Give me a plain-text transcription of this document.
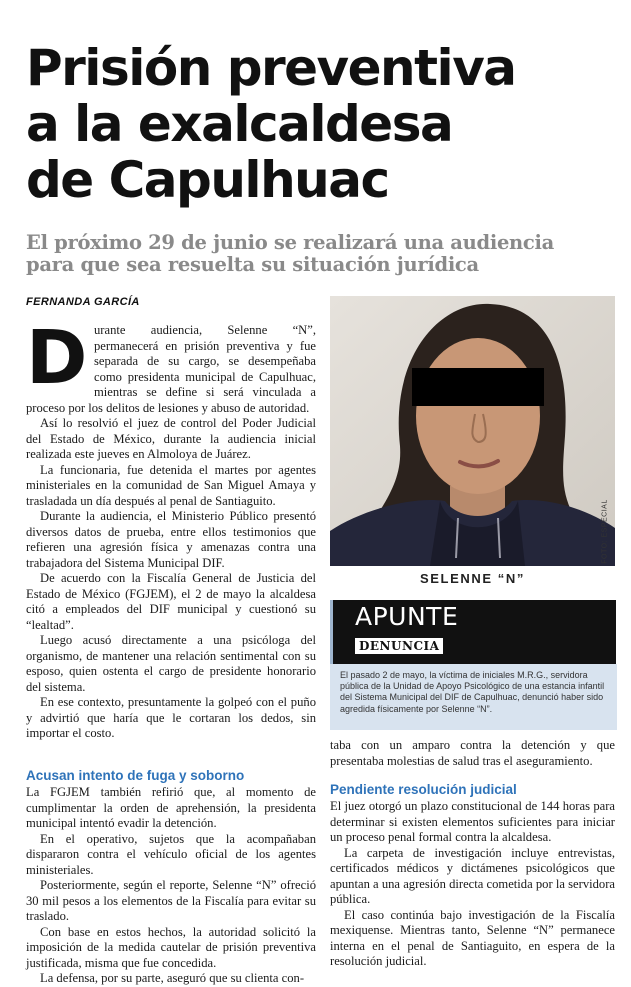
Prisión preventiva
a la exalcaldesa
de Capulhuac
El próximo 29 de junio se realizará una audiencia
para que sea resuelta su situación jurídica
FERNANDA GARCÍA
D urante audiencia, Selenne “N”, permanecerá en prisión preventiva y fue separada de su cargo, se desempeñaba como presidenta municipal de Capulhuac, mientras se define si será vinculada a proceso por los delitos de lesiones y abuso de autoridad.

Así lo resolvió el juez de control del Poder Judicial del Estado de México, durante la audiencia inicial realizada este jueves en Almoloya de Juárez.

La funcionaria, fue detenida el martes por agentes ministeriales en la comunidad de San Miguel Amaya y trasladada un día después al penal de Santiaguito.

Durante la audiencia, el Ministerio Público presentó diversos datos de prueba, entre ellos testimonios que refieren una agresión física y amenazas contra una trabajadora del Sistema Municipal DIF.

De acuerdo con la Fiscalía General de Justicia del Estado de México (FGJEM), el 2 de mayo la alcaldesa citó a empleados del DIF municipal y cuestionó su “lealtad”.

Luego acusó directamente a una psicóloga del organismo, de mantener una relación sentimental con su esposo, quien ostenta el cargo de presidente honorario del sistema.

En ese contexto, presuntamente la golpeó con el puño y advirtió que haría que le cortaran los dedos, sin importar el costo.

Acusan intento de fuga y soborno

La FGJEM también refirió que, al momento de cumplimentar la orden de aprehensión, la presidenta municipal intentó evadir la detención.

En el operativo, sujetos que la acompañaban dispararon contra el vehículo oficial de los agentes ministeriales.

Posteriormente, según el reporte, Selenne “N” ofreció 30 mil pesos a los elementos de la Fiscalía para evitar su traslado.

Con base en estos hechos, la autoridad solicitó la imposición de la medida cautelar de prisión preventiva justificada, misma que fue concedida.

La defensa, por su parte, aseguró que su clienta con-

FOTO: ESPECIAL
SELENNE “N”
APUNTE
DENUNCIA
El pasado 2 de mayo, la víctima de iniciales M.R.G., servidora pública de la Unidad de Apoyo Psicológico de una estancia infantil del Sistema Municipal del DIF de Capulhuac, denunció haber sido agredida físicamente por Selenne “N”.

taba con un amparo contra la detención y que presentaba molestias de salud tras el aseguramiento.

Pendiente resolución judicial

El juez otorgó un plazo constitucional de 144 horas para determinar si existen elementos suficientes para iniciar un proceso penal formal contra la alcaldesa.

La carpeta de investigación incluye entrevistas, certificados médicos y dictámenes psicológicos que apuntan a una agresión directa cometida por la servidora pública.

El caso continúa bajo investigación de la Fiscalía mexiquense. Mientras tanto, Selenne “N” permanece interna en el penal de Santiaguito, en espera de la resolución judicial.
